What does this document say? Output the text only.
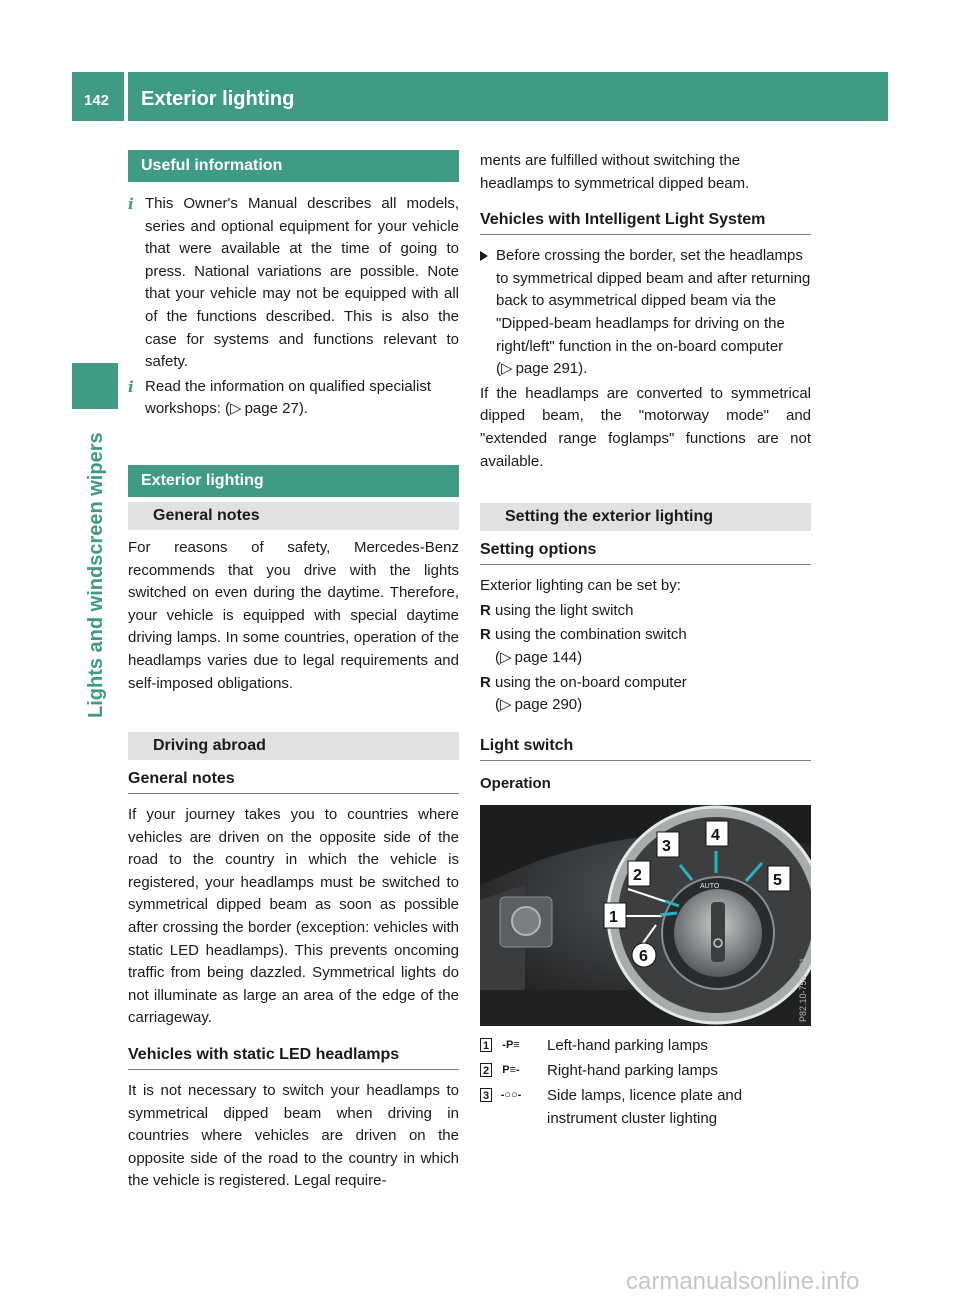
142 Exterior lighting
Lights and windscreen wipers
Useful information
i This Owner's Manual describes all models, series and optional equipment for your vehicle that were available at the time of going to press. National variations are possible. Note that your vehicle may not be equipped with all of the functions described. This is also the case for systems and functions relevant to safety.
i Read the information on qualified specialist workshops: (▷  page 27).
Exterior lighting
General notes

For reasons of safety, Mercedes-Benz recommends that you drive with the lights switched on even during the daytime. Therefore, your vehicle is equipped with special daytime driving lamps. In some countries, operation of the headlamps varies due to legal requirements and self-imposed obligations.

Driving abroad
General notes

If your journey takes you to countries where vehicles are driven on the opposite side of the road to the country in which the vehicle is registered, your headlamps must be switched to symmetrical dipped beam as soon as possible after crossing the border (exception: vehicles with static LED headlamps). This prevents oncoming traffic from being dazzled. Symmetrical lights do not illuminate as large an area of the edge of the carriageway.

Vehicles with static LED headlamps

It is not necessary to switch your headlamps to symmetrical dipped beam when driving in countries where vehicles are driven on the opposite side of the road to the country in which the vehicle is registered. Legal require-

ments are fulfilled without switching the headlamps to symmetrical dipped beam.

Vehicles with Intelligent Light System
Before crossing the border, set the headlamps to symmetrical dipped beam and after returning back to asymmetrical dipped beam via the "Dipped-beam headlamps for driving on the right/left" function in the on-board computer (▷  page 291).

If the headlamps are converted to symmetrical dipped beam, the "motorway mode" and "extended range foglamps" functions are not available.

Setting the exterior lighting
Setting options

Exterior lighting can be set by:

R using the light switch
R using the combination switch
(▷  page 144)
R using the on-board computer
(▷  page 290)
Light switch

Operation

AUTO
1
2
3
4
5
6
P82.10-7597-31
1 -P≡ Left-hand parking lamps
2 P≡- Right-hand parking lamps
3 -○○- Side lamps, licence plate and instrument cluster lighting
carmanualsonline.info
